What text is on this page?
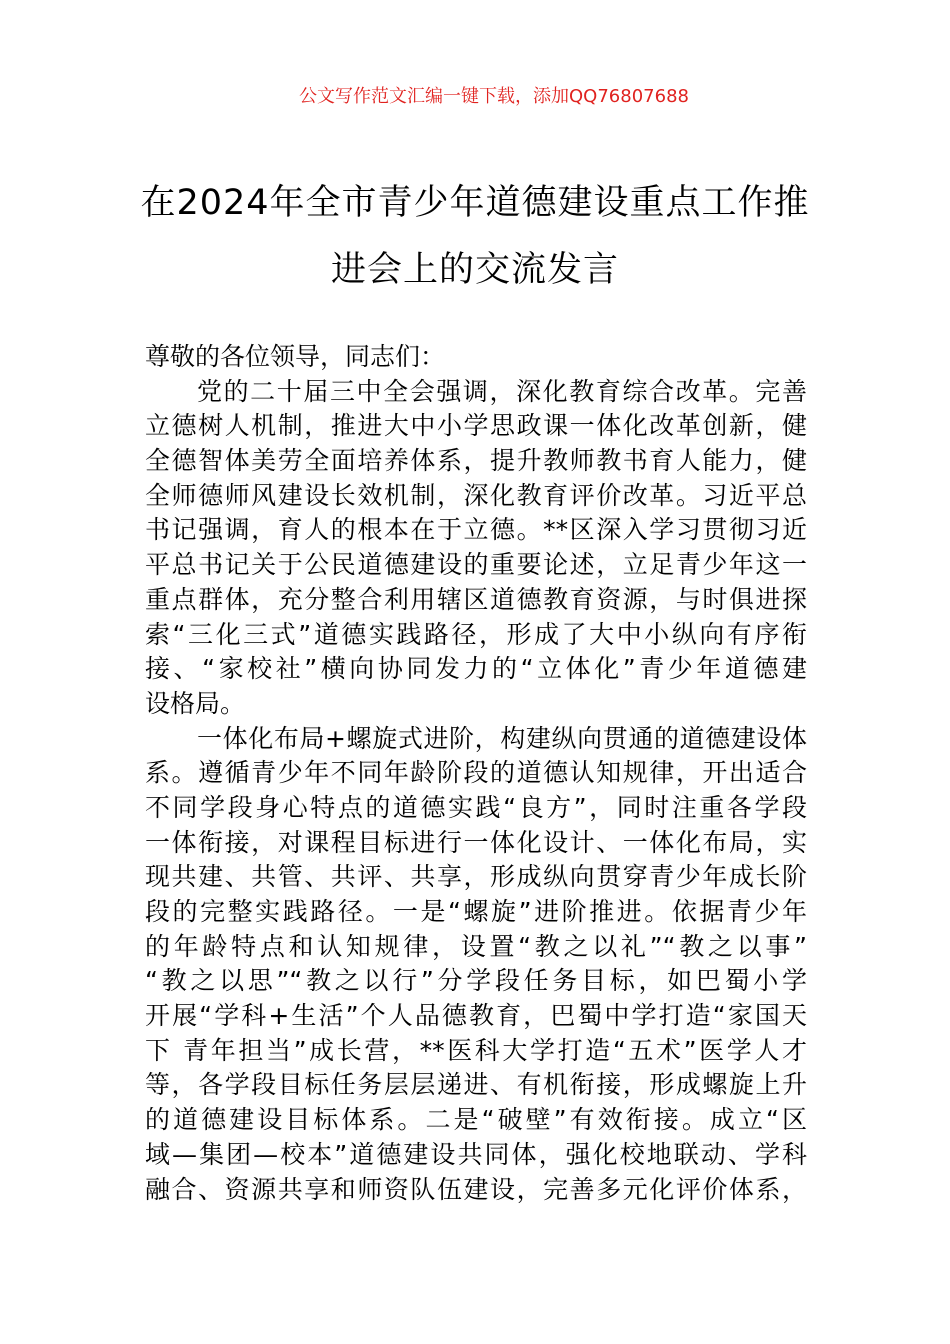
公文写作范文汇编一键下载，添加QQ76807688
在2024年全市青少年道德建设重点工作推
进会上的交流发言
尊敬的各位领导，同志们：
党的二十届三中全会强调，深化教育综合改革。完善
立德树人机制，推进大中小学思政课一体化改革创新，健
全德智体美劳全面培养体系，提升教师教书育人能力，健
全师德师风建设长效机制，深化教育评价改革。习近平总
书记强调，育人的根本在于立德。**区深入学习贯彻习近
平总书记关于公民道德建设的重要论述，立足青少年这一
重点群体，充分整合利用辖区道德教育资源，与时俱进探
索“三化三式”道德实践路径，形成了大中小纵向有序衔
接、“家校社”横向协同发力的“立体化”青少年道德建
设格局。
一体化布局+螺旋式进阶，构建纵向贯通的道德建设体
系。遵循青少年不同年龄阶段的道德认知规律，开出适合
不同学段身心特点的道德实践“良方”，同时注重各学段
一体衔接，对课程目标进行一体化设计、一体化布局，实
现共建、共管、共评、共享，形成纵向贯穿青少年成长阶
段的完整实践路径。一是“螺旋”进阶推进。依据青少年
的年龄特点和认知规律，设置“教之以礼”“教之以事”
“教之以思”“教之以行”分学段任务目标，如巴蜀小学
开展“学科+生活”个人品德教育，巴蜀中学打造“家国天
下 青年担当”成长营，**医科大学打造“五术”医学人才
等，各学段目标任务层层递进、有机衔接，形成螺旋上升
的道德建设目标体系。二是“破壁”有效衔接。成立“区
域—集团—校本”道德建设共同体，强化校地联动、学科
融合、资源共享和师资队伍建设，完善多元化评价体系，
